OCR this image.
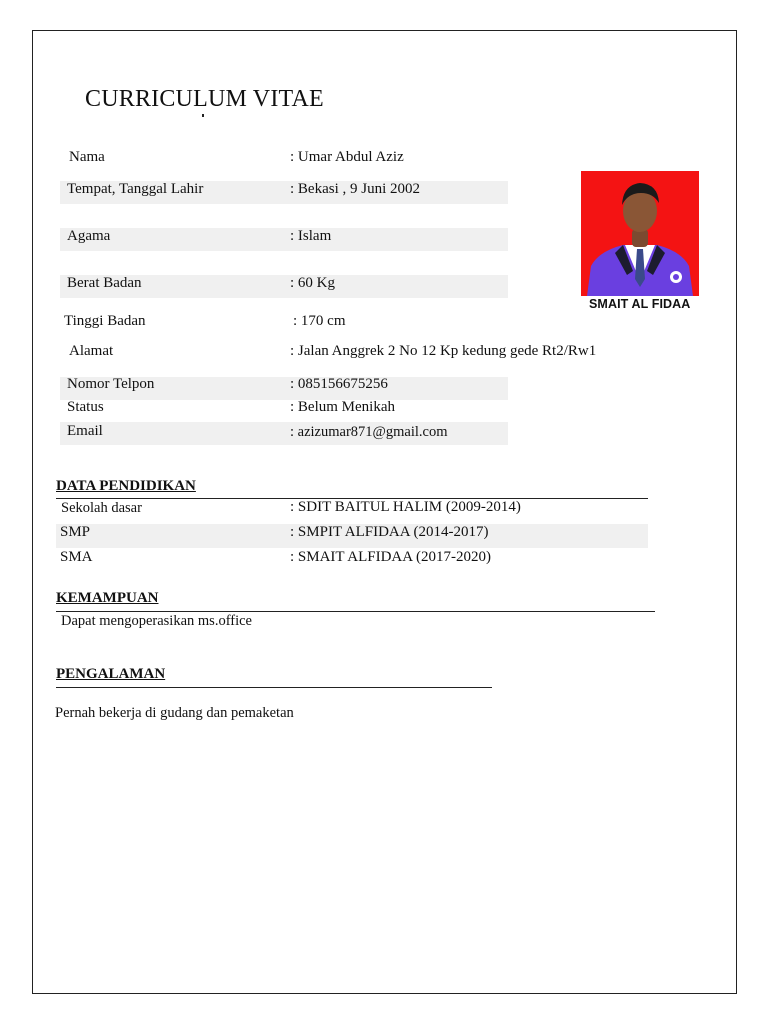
CURRICULUM VITAE
Nama	: Umar Abdul Aziz
Tempat, Tanggal Lahir	: Bekasi , 9 Juni 2002
Agama	: Islam
Berat Badan	: 60 Kg
Tinggi Badan	: 170 cm
Alamat	: Jalan Anggrek 2 No 12 Kp kedung gede Rt2/Rw1
Nomor Telpon	: 085156675256
Status	: Belum Menikah
Email	: azizumar871@gmail.com
SMAIT AL FIDAA
DATA PENDIDIKAN
Sekolah dasar	: SDIT BAITUL HALIM (2009-2014)
SMP	: SMPIT ALFIDAA (2014-2017)
SMA	: SMAIT ALFIDAA (2017-2020)
KEMAMPUAN
Dapat mengoperasikan ms.office
PENGALAMAN
Pernah bekerja di gudang dan pemaketan
